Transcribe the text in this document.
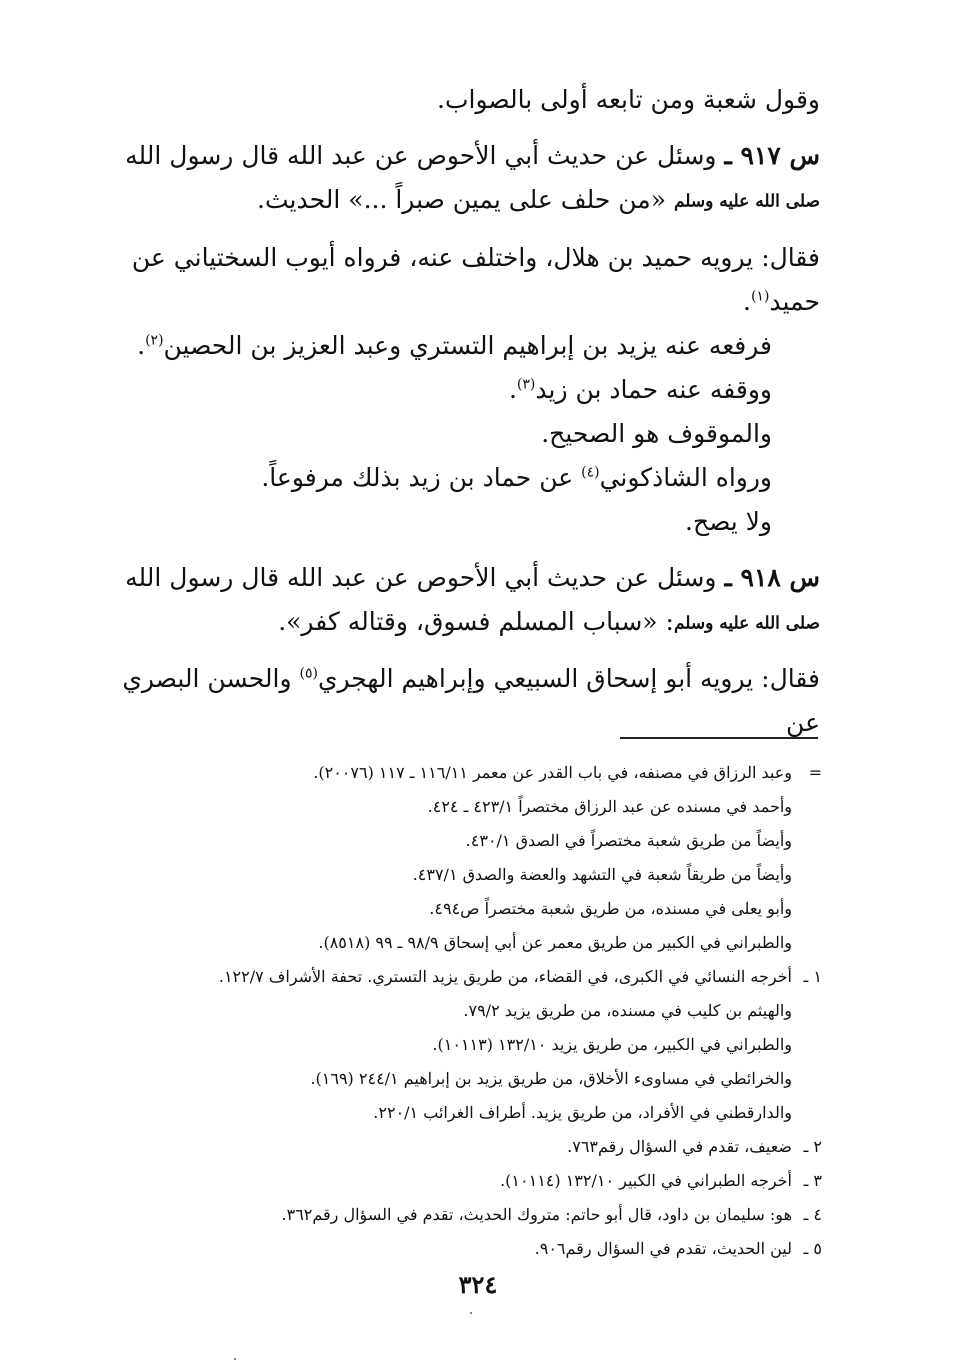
وقول شعبة ومن تابعه أولى بالصواب.

س ٩١٧ ـ وسئل عن حديث أبي الأحوص عن عبد الله قال رسول الله صلى الله عليه وسلم «من حلف على يمين صبراً ...» الحديث.

فقال: يرويه حميد بن هلال، واختلف عنه، فرواه أيوب السختياني عن حميد$^{(١)}$.

فرفعه عنه يزيد بن إبراهيم التستري وعبد العزيز بن الحصين$^{(٢)}$.

ووقفه عنه حماد بن زيد$^{(٣)}$.

والموقوف هو الصحيح.

ورواه الشاذكوني$^{(٤)}$ عن حماد بن زيد بذلك مرفوعاً.

ولا يصح.

س ٩١٨ ـ وسئل عن حديث أبي الأحوص عن عبد الله قال رسول الله صلى الله عليه وسلم: «سباب المسلم فسوق، وقتاله كفر».

فقال: يرويه أبو إسحاق السبيعي وإبراهيم الهجري$^{(٥)}$ والحسن البصري عن

=
وعبد الرزاق في مصنفه، في باب القدر عن معمر ١١٦/١١ ـ ١١٧ (٢٠٠٧٦).

وأحمد في مسنده عن عبد الرزاق مختصراً ٤٢٣/١ ـ ٤٢٤.

وأيضاً من طريق شعبة مختصراً في الصدق ٤٣٠/١.

وأيضاً من طريقاً شعبة في التشهد والعضة والصدق ٤٣٧/١.

وأبو يعلى في مسنده، من طريق شعبة مختصراً ص٤٩٤.

والطبراني في الكبير من طريق معمر عن أبي إسحاق ٩٨/٩ ـ ٩٩ (٨٥١٨).

١ ـ
أخرجه النسائي في الكبرى، في القضاء، من طريق يزيد التستري. تحفة الأشراف ١٢٢/٧.

والهيثم بن كليب في مسنده، من طريق يزيد ٧٩/٢.

والطبراني في الكبير، من طريق يزيد ١٣٢/١٠ (١٠١١٣).

والخرائطي في مساوىء الأخلاق، من طريق يزيد بن إبراهيم ٢٤٤/١ (١٦٩).

والدارقطني في الأفراد، من طريق يزيد. أطراف الغرائب ٢٢٠/١.

٢ ـ
ضعيف، تقدم في السؤال رقم٧٦٣.

٣ ـ
أخرجه الطبراني في الكبير ١٣٢/١٠ (١٠١١٤).

٤ ـ
هو: سليمان بن داود، قال أبو حاتم: متروك الحديث، تقدم في السؤال رقم٣٦٢.

٥ ـ
لين الحديث، تقدم في السؤال رقم٩٠٦.

٣٢٤
